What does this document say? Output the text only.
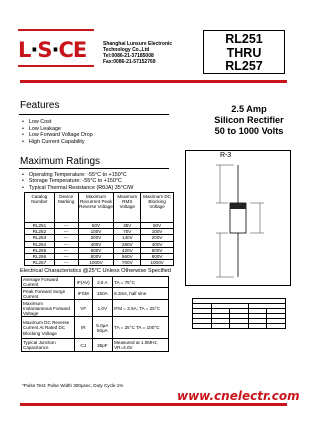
L·S·CE	Shanghai Lunsure Electronic
Technology Co.,Ltd
Tel:0086-21-37185008
Fax:0086-21-57152769
RL251
THRU
RL257
Features
• Low Cost
• Low Leakage
• Low Forward Voltage Drop
• High Current Capability
2.5 Amp
Silicon Rectifier
50 to 1000 Volts
Maximum Ratings
• Operating Temperature: -55°C to +150°C
• Storage Temperature: -55°C to +150°C
• Typical Thermal Resistance (RθJA) 35°C/W
Catalog Number	Device Marking	Maximum Recurrent Peak Reverse Voltage	Maximum RMS Voltage	Maximum DC Blocking Voltage
RL251	---	50V	35V	50V
RL252	---	100V	70V	100V
RL253	---	200V	140V	200V
RL254	---	400V	280V	400V
RL255	---	600V	420V	600V
RL256	---	800V	560V	800V
RL257	---	1000V	700V	1000V
R-3
Electrical Characteristics @25°C Unless Otherwise Specified
Average Forward Current	IF(AV)	2.5 A	TA = 75°C
Peak Forward Surge Current	IFSM	150A	8.3ms, half sine
Maximum Instantaneous Forward Voltage	VF	1.0V	IFM = 2.5A; TA = 25°C
Maximum DC Reverse Current At Rated DC Blocking Voltage	IR	5.0μA 50μA	TA = 25°C TA = 100°C
Typical Junction Capacitance	CJ	35pF	Measured at 1.0MHz, VR=4.0V
*Pulse Test: Pulse Width 300μsec, Duty Cycle 1%

www.cnelectr.com
